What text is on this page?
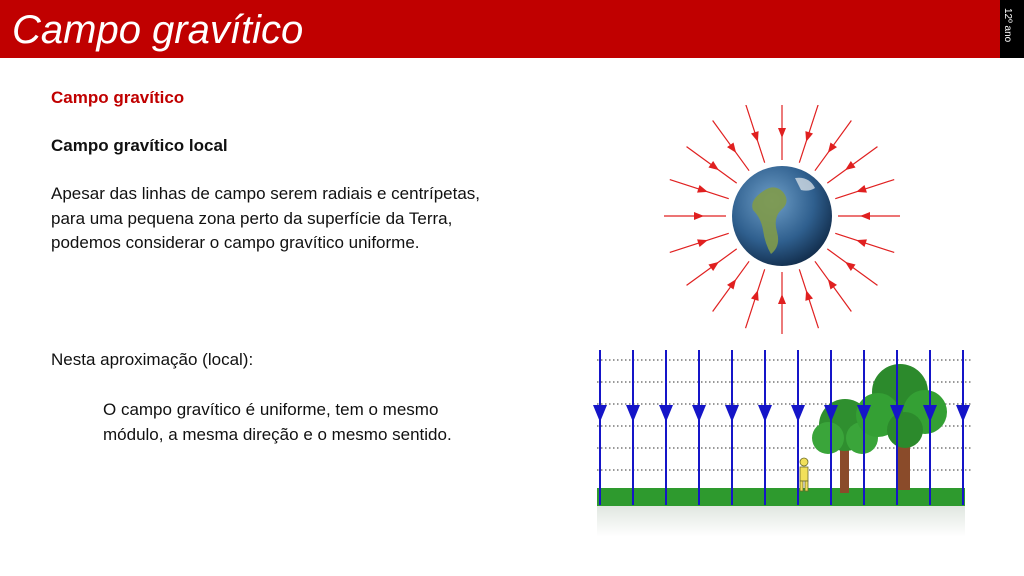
Campo gravítico	12º ano
Campo gravítico
Campo gravítico local
Apesar das linhas de campo serem radiais e centrípetas, para uma pequena zona perto da superfície da Terra, podemos considerar o campo gravítico uniforme.
Nesta aproximação (local):
O campo gravítico é uniforme, tem o mesmo módulo, a mesma direção e o mesmo sentido.
